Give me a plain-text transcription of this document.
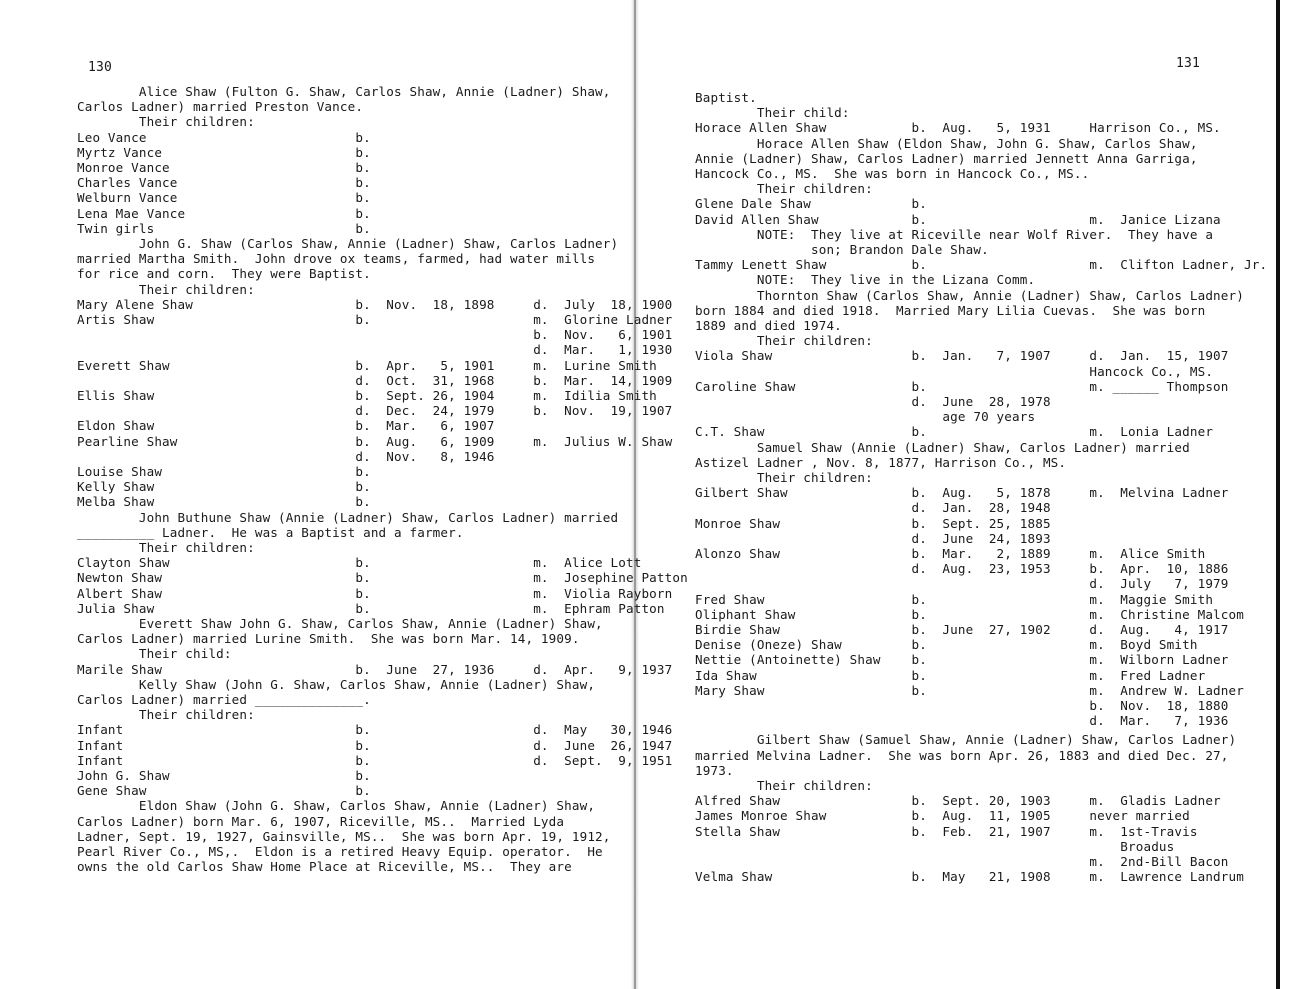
130
Alice Shaw (Fulton G. Shaw, Carlos Shaw, Annie (Ladner) Shaw,
Carlos Ladner) married Preston Vance.
Their children:
Leo Vance                           b.
Myrtz Vance                         b.
Monroe Vance                        b.
Charles Vance                       b.
Welburn Vance                       b.
Lena Mae Vance                      b.
Twin girls                          b.
John G. Shaw (Carlos Shaw, Annie (Ladner) Shaw, Carlos Ladner)
married Martha Smith.  John drove ox teams, farmed, had water mills
for rice and corn.  They were Baptist.
Their children:
Mary Alene Shaw                     b.  Nov.  18, 1898     d.  July  18, 1900
Artis Shaw                          b.                     m.  Glorine Ladner
b.  Nov.   6, 1901
d.  Mar.   1, 1930
Everett Shaw                        b.  Apr.   5, 1901     m.  Lurine Smith
d.  Oct.  31, 1968     b.  Mar.  14, 1909
Ellis Shaw                          b.  Sept. 26, 1904     m.  Idilia Smith
d.  Dec.  24, 1979     b.  Nov.  19, 1907
Eldon Shaw                          b.  Mar.   6, 1907
Pearline Shaw                       b.  Aug.   6, 1909     m.  Julius W. Shaw
d.  Nov.   8, 1946
Louise Shaw                         b.
Kelly Shaw                          b.
Melba Shaw                          b.
John Buthune Shaw (Annie (Ladner) Shaw, Carlos Ladner) married
__________ Ladner.  He was a Baptist and a farmer.
Their children:
Clayton Shaw                        b.                     m.  Alice Lott
Newton Shaw                         b.                     m.  Josephine Patton
Albert Shaw                         b.                     m.  Violia Rayborn
Julia Shaw                          b.                     m.  Ephram Patton
Everett Shaw John G. Shaw, Carlos Shaw, Annie (Ladner) Shaw,
Carlos Ladner) married Lurine Smith.  She was born Mar. 14, 1909.
Their child:
Marile Shaw                         b.  June  27, 1936     d.  Apr.   9, 1937
Kelly Shaw (John G. Shaw, Carlos Shaw, Annie (Ladner) Shaw,
Carlos Ladner) married ______________.
Their children:
Infant                              b.                     d.  May   30, 1946
Infant                              b.                     d.  June  26, 1947
Infant                              b.                     d.  Sept.  9, 1951
John G. Shaw                        b.
Gene Shaw                           b.
Eldon Shaw (John G. Shaw, Carlos Shaw, Annie (Ladner) Shaw,
Carlos Ladner) born Mar. 6, 1907, Riceville, MS..  Married Lyda
Ladner, Sept. 19, 1927, Gainsville, MS..  She was born Apr. 19, 1912,
Pearl River Co., MS,.  Eldon is a retired Heavy Equip. operator.  He
owns the old Carlos Shaw Home Place at Riceville, MS..  They are
131
Baptist.
Their child:
Horace Allen Shaw           b.  Aug.   5, 1931     Harrison Co., MS.
Horace Allen Shaw (Eldon Shaw, John G. Shaw, Carlos Shaw,
Annie (Ladner) Shaw, Carlos Ladner) married Jennett Anna Garriga,
Hancock Co., MS.  She was born in Hancock Co., MS..
Their children:
Glene Dale Shaw             b.
David Allen Shaw            b.                     m.  Janice Lizana
NOTE:  They live at Riceville near Wolf River.  They have a
son; Brandon Dale Shaw.
Tammy Lenett Shaw           b.                     m.  Clifton Ladner, Jr.
NOTE:  They live in the Lizana Comm.
Thornton Shaw (Carlos Shaw, Annie (Ladner) Shaw, Carlos Ladner)
born 1884 and died 1918.  Married Mary Lilia Cuevas.  She was born
1889 and died 1974.
Their children:
Viola Shaw                  b.  Jan.   7, 1907     d.  Jan.  15, 1907
Hancock Co., MS.
Caroline Shaw               b.                     m. ______ Thompson
d.  June  28, 1978
age 70 years
C.T. Shaw                   b.                     m.  Lonia Ladner
Samuel Shaw (Annie (Ladner) Shaw, Carlos Ladner) married
Astizel Ladner , Nov. 8, 1877, Harrison Co., MS.
Their children:
Gilbert Shaw                b.  Aug.   5, 1878     m.  Melvina Ladner
d.  Jan.  28, 1948
Monroe Shaw                 b.  Sept. 25, 1885
d.  June  24, 1893
Alonzo Shaw                 b.  Mar.   2, 1889     m.  Alice Smith
d.  Aug.  23, 1953     b.  Apr.  10, 1886
d.  July   7, 1979
Fred Shaw                   b.                     m.  Maggie Smith
Oliphant Shaw               b.                     m.  Christine Malcom
Birdie Shaw                 b.  June  27, 1902     d.  Aug.   4, 1917
Denise (Oneze) Shaw         b.                     m.  Boyd Smith
Nettie (Antoinette) Shaw    b.                     m.  Wilborn Ladner
Ida Shaw                    b.                     m.  Fred Ladner
Mary Shaw                   b.                     m.  Andrew W. Ladner
b.  Nov.  18, 1880
d.  Mar.   7, 1936
Gilbert Shaw (Samuel Shaw, Annie (Ladner) Shaw, Carlos Ladner)
married Melvina Ladner.  She was born Apr. 26, 1883 and died Dec. 27,
1973.
Their children:
Alfred Shaw                 b.  Sept. 20, 1903     m.  Gladis Ladner
James Monroe Shaw           b.  Aug.  11, 1905     never married
Stella Shaw                 b.  Feb.  21, 1907     m.  1st-Travis
Broadus
m.  2nd-Bill Bacon
Velma Shaw                  b.  May   21, 1908     m.  Lawrence Landrum
